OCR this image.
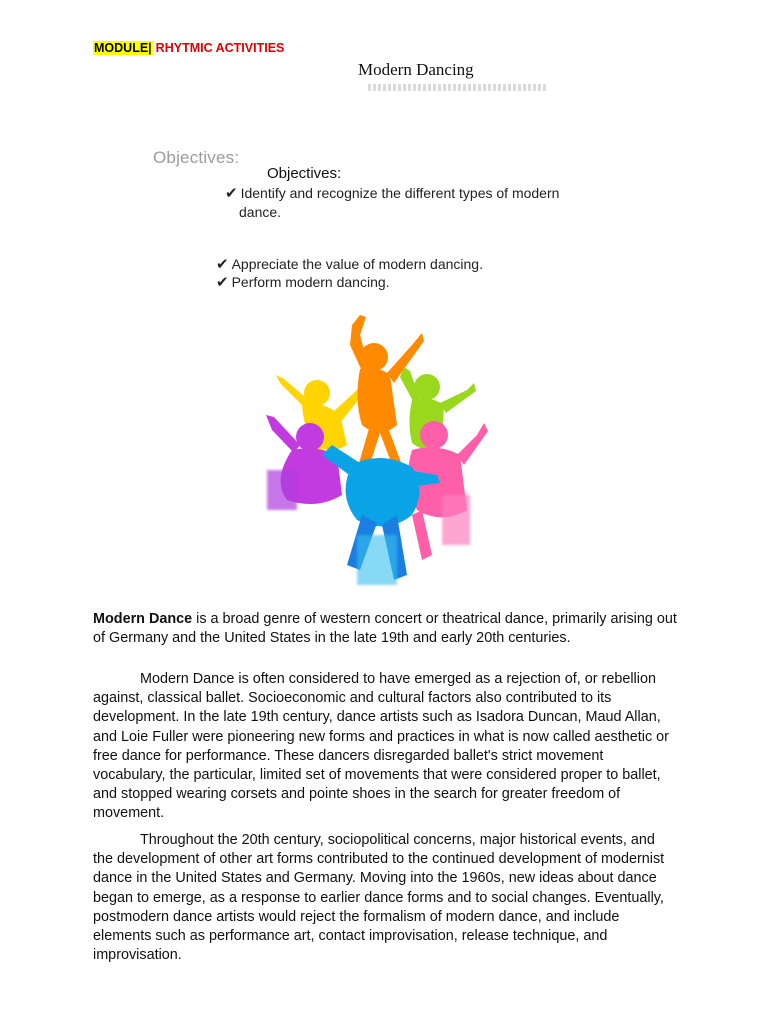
MODULE| RHYTMIC ACTIVITIES
Modern Dancing
Objectives:
Objectives:
✔ Identify and recognize the different types of modern
dance.
✔ Appreciate the value of modern dancing.
✔ Perform modern dancing.

Modern Dance is a broad genre of western concert or theatrical dance, primarily arising out of Germany and the United States in the late 19th and early 20th centuries.

Modern Dance is often considered to have emerged as a rejection of, or rebellion against, classical ballet. Socioeconomic and cultural factors also contributed to its development. In the late 19th century, dance artists such as Isadora Duncan, Maud Allan, and Loie Fuller were pioneering new forms and practices in what is now called aesthetic or free dance for performance. These dancers disregarded ballet's strict movement vocabulary, the particular, limited set of movements that were considered proper to ballet, and stopped wearing corsets and pointe shoes in the search for greater freedom of movement.

Throughout the 20th century, sociopolitical concerns, major historical events, and the development of other art forms contributed to the continued development of modernist dance in the United States and Germany. Moving into the 1960s, new ideas about dance began to emerge, as a response to earlier dance forms and to social changes. Eventually, postmodern dance artists would reject the formalism of modern dance, and include elements such as performance art, contact improvisation, release technique, and improvisation.
